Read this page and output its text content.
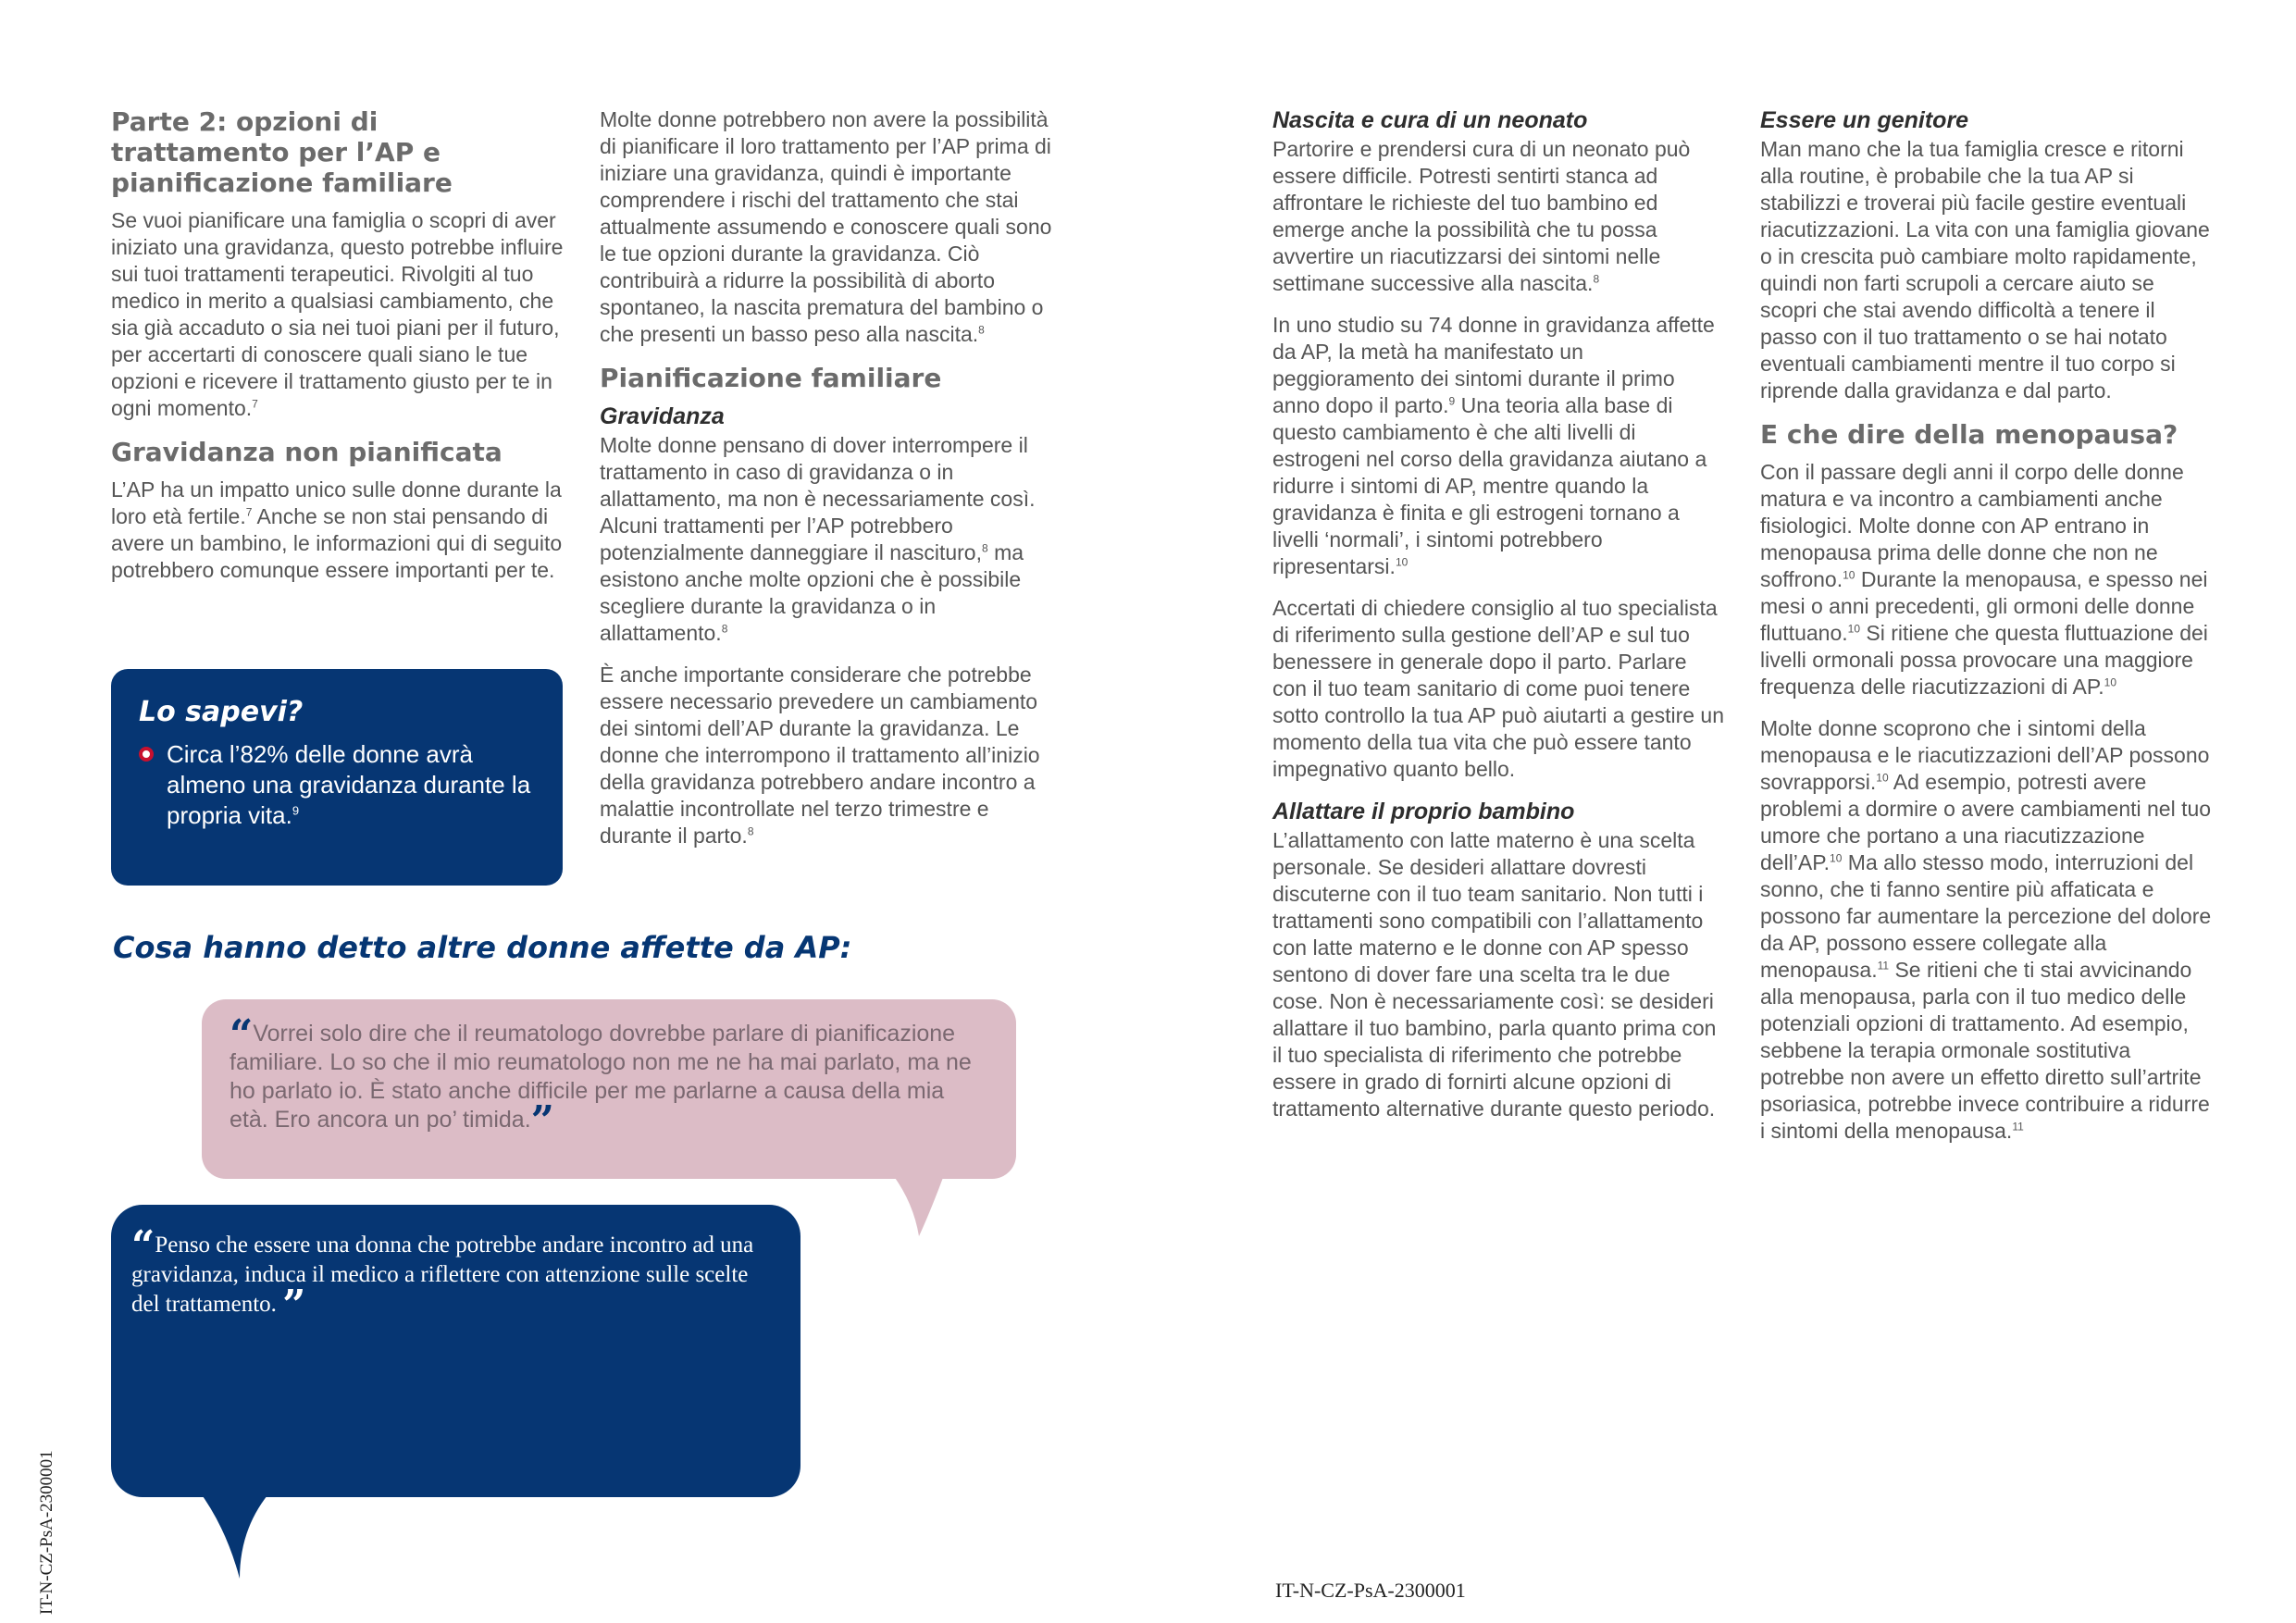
Parte 2: opzioni di trattamento per l’AP e pianificazione familiare

Se vuoi pianificare una famiglia o scopri di aver iniziato una gravidanza, questo potrebbe influire sui tuoi trattamenti terapeutici. Rivolgiti al tuo medico in merito a qualsiasi cambiamento, che sia già accaduto o sia nei tuoi piani per il futuro, per accertarti di conoscere quali siano le tue opzioni e ricevere il trattamento giusto per te in ogni momento.$^7$

Gravidanza non pianificata

L’AP ha un impatto unico sulle donne durante la loro età fertile.$^7$ Anche se non stai pensando di avere un bambino, le informazioni qui di seguito potrebbero comunque essere importanti per te.

Lo sapevi?
Circa l’82% delle donne avrà almeno una gravidanza durante la propria vita.$^9$

Molte donne potrebbero non avere la possibilità di pianificare il loro trattamento per l’AP prima di iniziare una gravidanza, quindi è importante comprendere i rischi del trattamento che stai attualmente assumendo e conoscere quali sono le tue opzioni durante la gravidanza. Ciò contribuirà a ridurre la possibilità di aborto spontaneo, la nascita prematura del bambino o che presenti un basso peso alla nascita.$^8$

Pianificazione familiare
Gravidanza

Molte donne pensano di dover interrompere il trattamento in caso di gravidanza o in allattamento, ma non è necessariamente così. Alcuni trattamenti per l’AP potrebbero potenzialmente danneggiare il nascituro,$^8$ ma esistono anche molte opzioni che è possibile scegliere durante la gravidanza o in allattamento.$^8$

È anche importante considerare che potrebbe essere necessario prevedere un cambiamento dei sintomi dell’AP durante la gravidanza. Le donne che interrompono il trattamento all’inizio della gravidanza potrebbero andare incontro a malattie incontrollate nel terzo trimestre e durante il parto.$^8$

Cosa hanno detto altre donne affette da AP:
“Vorrei solo dire che il reumatologo dovrebbe parlare di pianificazione familiare. Lo so che il mio reumatologo non me ne ha mai parlato, ma ne ho parlato io. È stato anche difficile per me parlarne a causa della mia età. Ero ancora un po’ timida.”
“Penso che essere una donna che potrebbe andare incontro ad una gravidanza, induca il medico a riflettere con attenzione sulle scelte del trattamento. ”
IT-N-CZ-PsA-2300001
Nascita e cura di un neonato

Partorire e prendersi cura di un neonato può essere difficile. Potresti sentirti stanca ad affrontare le richieste del tuo bambino ed emerge anche la possibilità che tu possa avvertire un riacutizzarsi dei sintomi nelle settimane successive alla nascita.$^8$

In uno studio su 74 donne in gravidanza affette da AP, la metà ha manifestato un peggioramento dei sintomi durante il primo anno dopo il parto.$^9$ Una teoria alla base di questo cambiamento è che alti livelli di estrogeni nel corso della gravidanza aiutano a ridurre i sintomi di AP, mentre quando la gravidanza è finita e gli estrogeni tornano a livelli ‘normali’, i sintomi potrebbero ripresentarsi.$^{10}$

Accertati di chiedere consiglio al tuo specialista di riferimento sulla gestione dell’AP e sul tuo benessere in generale dopo il parto. Parlare con il tuo team sanitario di come puoi tenere sotto controllo la tua AP può aiutarti a gestire un momento della tua vita che può essere tanto impegnativo quanto bello.

Allattare il proprio bambino

L’allattamento con latte materno è una scelta personale. Se desideri allattare dovresti discuterne con il tuo team sanitario. Non tutti i trattamenti sono compatibili con l’allattamento con latte materno e le donne con AP spesso sentono di dover fare una scelta tra le due cose. Non è necessariamente così: se desideri allattare il tuo bambino, parla quanto prima con il tuo specialista di riferimento che potrebbe essere in grado di fornirti alcune opzioni di trattamento alternative durante questo periodo.

Essere un genitore

Man mano che la tua famiglia cresce e ritorni alla routine, è probabile che la tua AP si stabilizzi e troverai più facile gestire eventuali riacutizzazioni. La vita con una famiglia giovane o in crescita può cambiare molto rapidamente, quindi non farti scrupoli a cercare aiuto se scopri che stai avendo difficoltà a tenere il passo con il tuo trattamento o se hai notato eventuali cambiamenti mentre il tuo corpo si riprende dalla gravidanza e dal parto.

E che dire della menopausa?

Con il passare degli anni il corpo delle donne matura e va incontro a cambiamenti anche fisiologici. Molte donne con AP entrano in menopausa prima delle donne che non ne soffrono.$^{10}$ Durante la menopausa, e spesso nei mesi o anni precedenti, gli ormoni delle donne fluttuano.$^{10}$ Si ritiene che questa fluttuazione dei livelli ormonali possa provocare una maggiore frequenza delle riacutizzazioni di AP.$^{10}$

Molte donne scoprono che i sintomi della menopausa e le riacutizzazioni dell’AP possono sovrapporsi.$^{10}$ Ad esempio, potresti avere problemi a dormire o avere cambiamenti nel tuo umore che portano a una riacutizzazione dell’AP.$^{10}$ Ma allo stesso modo, interruzioni del sonno, che ti fanno sentire più affaticata e possono far aumentare la percezione del dolore da AP, possono essere collegate alla menopausa.$^{11}$ Se ritieni che ti stai avvicinando alla menopausa, parla con il tuo medico delle potenziali opzioni di trattamento. Ad esempio, sebbene la terapia ormonale sostitutiva potrebbe non avere un effetto diretto sull’artrite psoriasica, potrebbe invece contribuire a ridurre i sintomi della menopausa.$^{11}$

IT-N-CZ-PsA-2300001
